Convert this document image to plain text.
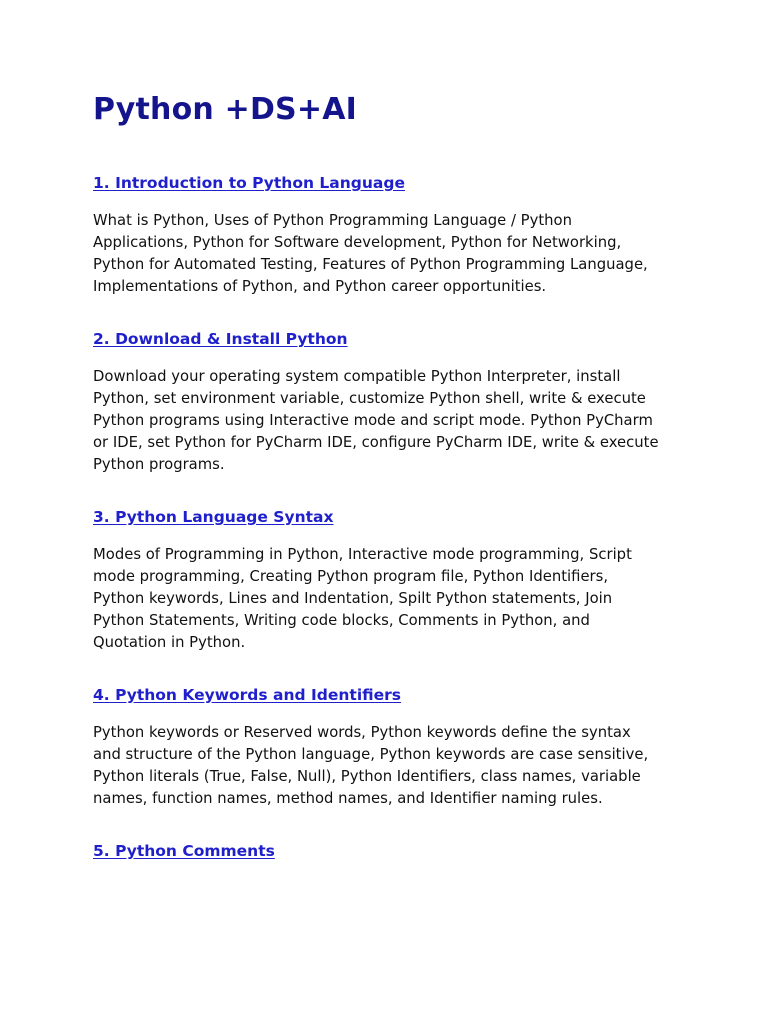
Python +DS+AI
1. Introduction to Python Language

What is Python, Uses of Python Programming Language / Python
Applications, Python for Software development, Python for Networking,
Python for Automated Testing, Features of Python Programming Language,
Implementations of Python, and Python career opportunities.

2. Download & Install Python

Download your operating system compatible Python Interpreter, install
Python, set environment variable, customize Python shell, write & execute
Python programs using Interactive mode and script mode. Python PyCharm
or IDE, set Python for PyCharm IDE, configure PyCharm IDE, write & execute
Python programs.

3. Python Language Syntax

Modes of Programming in Python, Interactive mode programming, Script
mode programming, Creating Python program file, Python Identifiers,
Python keywords, Lines and Indentation, Spilt Python statements, Join
Python Statements, Writing code blocks, Comments in Python, and
Quotation in Python.

4. Python Keywords and Identifiers

Python keywords or Reserved words, Python keywords define the syntax
and structure of the Python language, Python keywords are case sensitive,
Python literals (True, False, Null), Python Identifiers, class names, variable
names, function names, method names, and Identifier naming rules.

5. Python Comments
